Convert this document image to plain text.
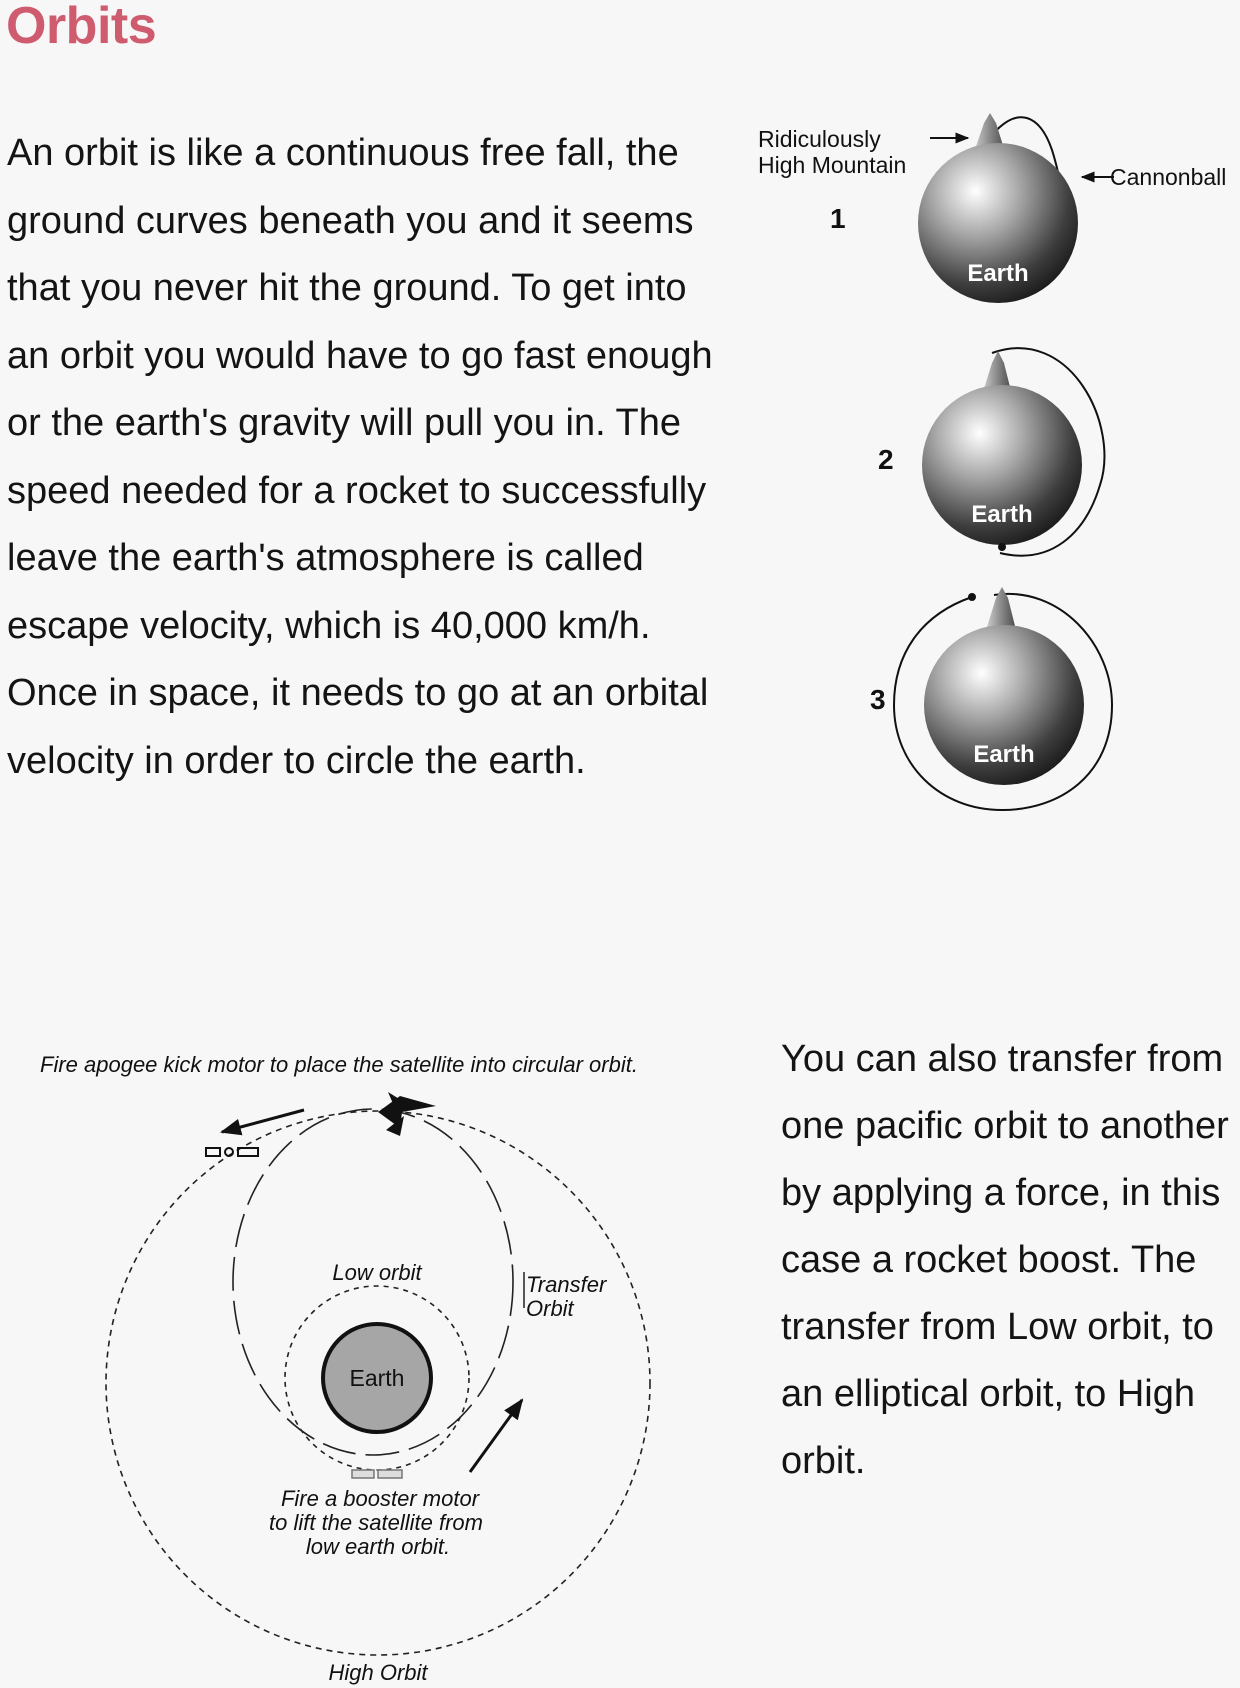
Orbits

An orbit is like a continuous free fall, the ground curves beneath you and it seems that you never hit the ground. To get into an orbit you would have to go fast enough or the earth's gravity will pull you in. The speed needed for a rocket to successfully leave the earth's atmosphere is called escape velocity, which is 40,000 km/h. Once in space, it needs to go at an orbital velocity in order to circle the earth.

You can also transfer from one pacific orbit to another by applying a force, in this case a rocket boost. The transfer from Low orbit, to an elliptical orbit, to High orbit.

Ridiculously
High Mountain	Cannonball
1
Earth
2
Earth
3
Earth
Fire apogee kick motor to place the satellite into circular orbit.
Earth
Low orbit	Transfer
Orbit
Fire a booster motor
to lift the satellite from
low earth orbit.
High Orbit
